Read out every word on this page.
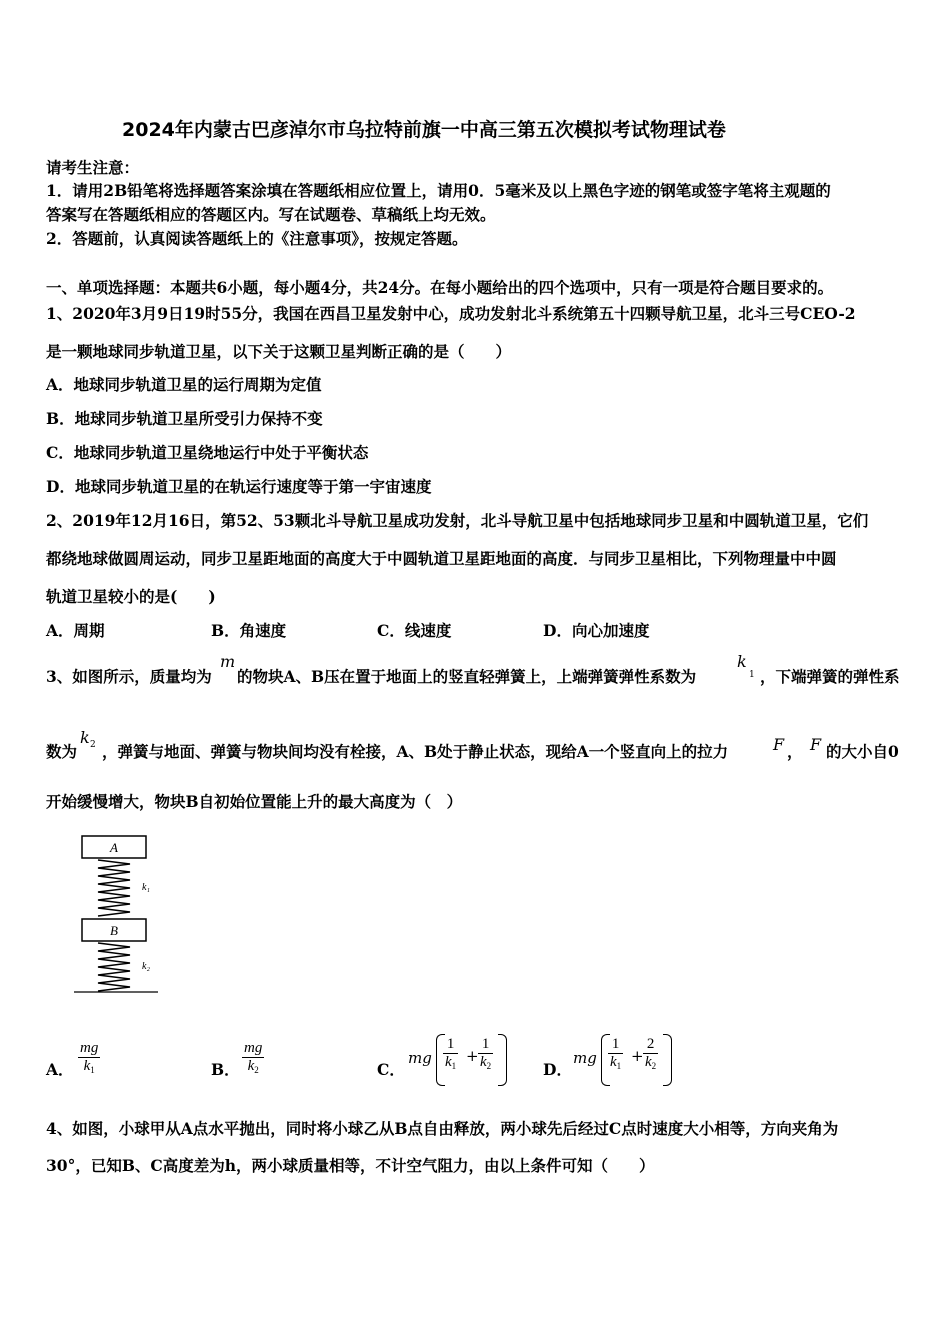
2024年内蒙古巴彦淖尔市乌拉特前旗一中高三第五次模拟考试物理试卷
请考生注意：
1．请用2B铅笔将选择题答案涂填在答题纸相应位置上，请用0．5毫米及以上黑色字迹的钢笔或签字笔将主观题的
答案写在答题纸相应的答题区内。写在试题卷、草稿纸上均无效。
2．答题前，认真阅读答题纸上的《注意事项》，按规定答题。
一、单项选择题：本题共6小题，每小题4分，共24分。在每小题给出的四个选项中，只有一项是符合题目要求的。
1、2020年3月9日19时55分，我国在西昌卫星发射中心，成功发射北斗系统第五十四颗导航卫星，北斗三号CEO-2
是一颗地球同步轨道卫星，以下关于这颗卫星判断正确的是（　　）
A．地球同步轨道卫星的运行周期为定值
B．地球同步轨道卫星所受引力保持不变
C．地球同步轨道卫星绕地运行中处于平衡状态
D．地球同步轨道卫星的在轨运行速度等于第一宇宙速度
2、2019年12月16日，第52、53颗北斗导航卫星成功发射，北斗导航卫星中包括地球同步卫星和中圆轨道卫星，它们
都绕地球做圆周运动，同步卫星距地面的高度大于中圆轨道卫星距地面的高度．与同步卫星相比，下列物理量中中圆
轨道卫星较小的是(　　)
A．周期	B．角速度	C．线速度	D．向心加速度
3、如图所示，质量均为
m
的物块A、B压在置于地面上的竖直轻弹簧上，上端弹簧弹性系数为
k
1 ，下端弹簧的弹性系
数为
k 2 ，弹簧与地面、弹簧与物块间均没有栓接，A、B处于静止状态，现给A一个竖直向上的拉力	F ， F 的大小自0
开始缓慢增大，物块B自初始位置能上升的最大高度为（　）
A
k₁
B
k₂
A． $\frac{mg}{k_1}$	B． $\frac{mg}{k_2}$	C．
mg $\frac{1}{k_1} + \frac{1}{k_2}$	D．
mg $\frac{1}{k_1} + \frac{2}{k_2}$
4、如图，小球甲从A点水平抛出，同时将小球乙从B点自由释放，两小球先后经过C点时速度大小相等，方向夹角为
30°，已知B、C高度差为h，两小球质量相等，不计空气阻力，由以上条件可知（　　）
